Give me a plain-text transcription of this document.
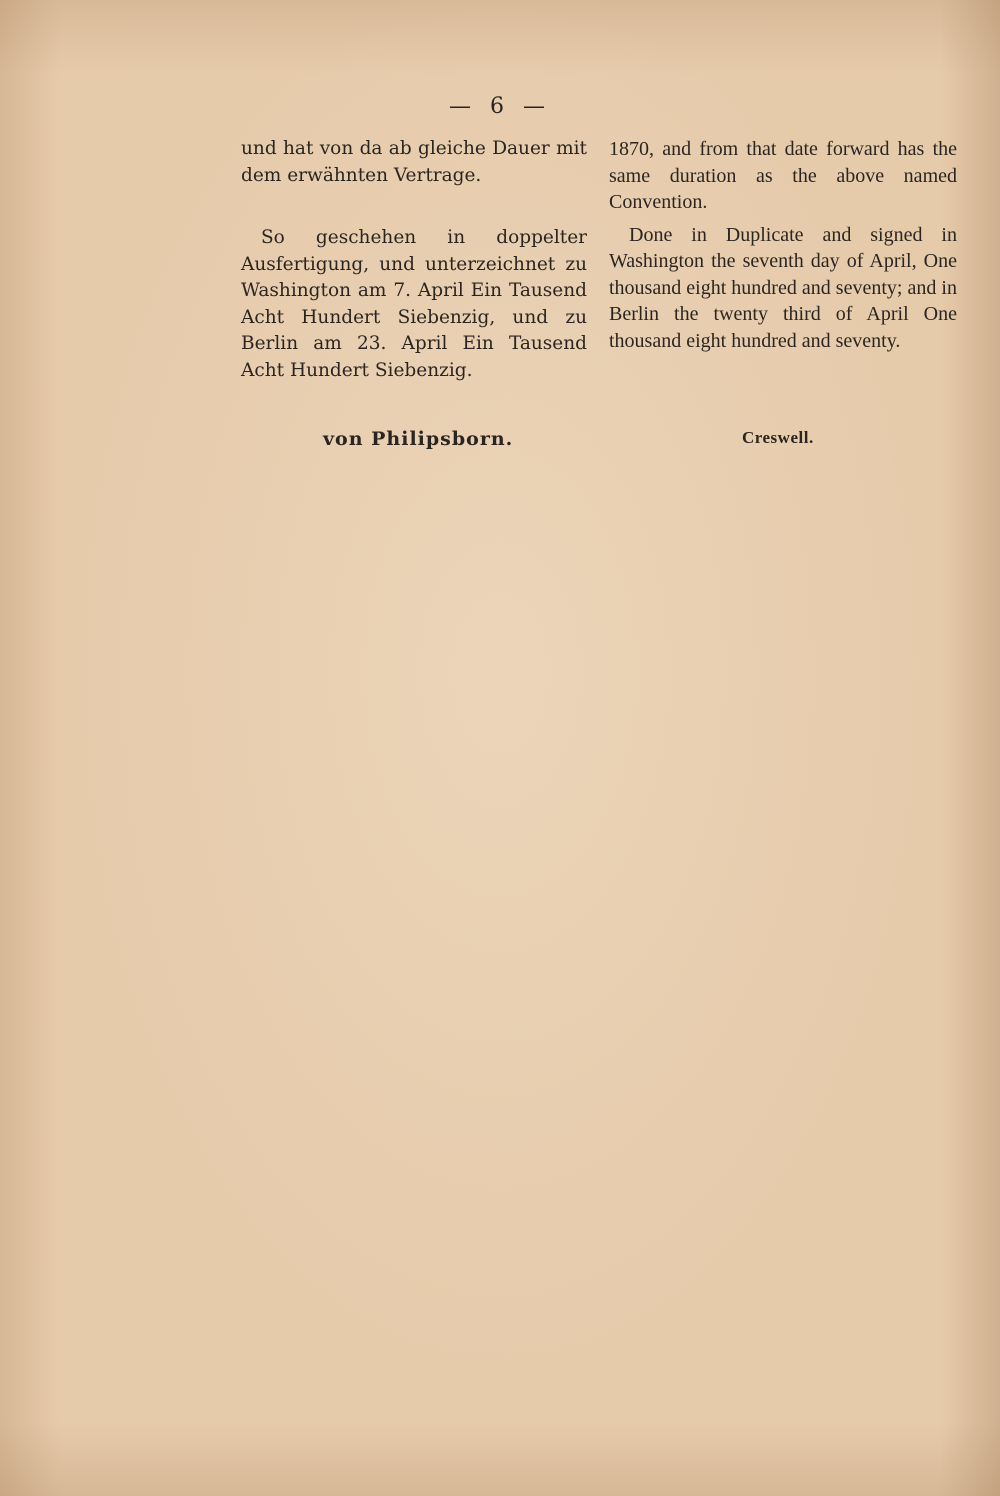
— 6 —

und hat von da ab gleiche Dauer mit dem erwähnten Vertrage.

So geschehen in doppelter Ausfertigung, und unterzeichnet zu Washington am 7. April Ein Tausend Acht Hundert Siebenzig, und zu Berlin am 23. April Ein Tausend Acht Hundert Siebenzig.

1870, and from that date forward has the same duration as the above named Convention.

Done in Duplicate and signed in Washington the seventh day of April, One thousand eight hundred and seventy; and in Berlin the twenty third of April One thousand eight hundred and seventy.

von Philipsborn.	Creswell.
